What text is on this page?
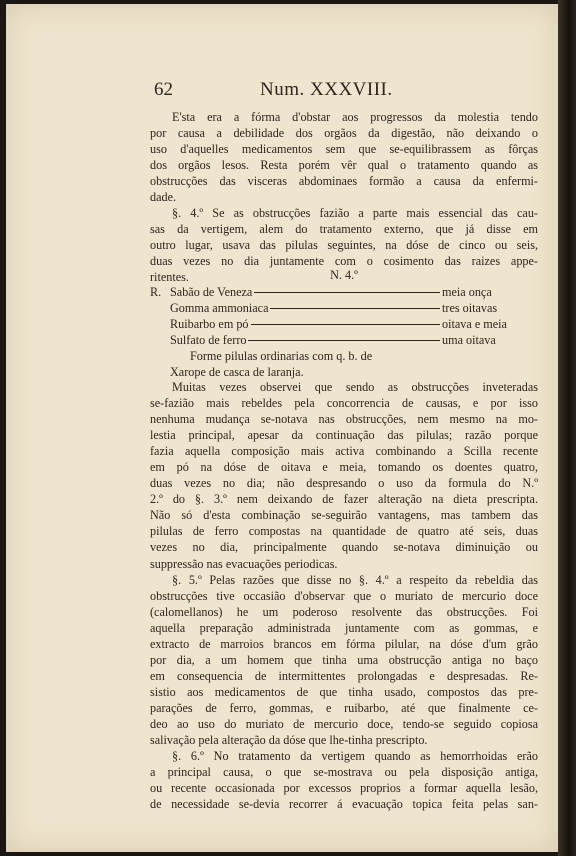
62	Num. XXXVIII.
E'sta era a fórma d'obstar aos progressos da molestia tendo
por causa a debilidade dos orgãos da digestão, não deixando o
uso d'aquelles medicamentos sem que se-equilibrassem as fôrças
dos orgãos lesos. Resta porém vêr qual o tratamento quando as
obstrucções das visceras abdominaes formão a causa da enfermi-
dade.
§. 4.º Se as obstrucções fazião a parte mais essencial das cau-
sas da vertigem, alem do tratamento externo, que já disse em
outro lugar, usava das pilulas seguintes, na dóse de cinco ou seis,
duas vezes no dia juntamente com o cosimento das raizes appe-
ritentes.	N. 4.º
R. Sabão de Veneza	meia onça
Gomma ammoniaca	tres oitavas
Ruibarbo em pó	oitava e meia
Sulfato de ferro	uma oitava
Forme pilulas ordinarias com q. b. de
Xarope de casca de laranja.
Muitas vezes observei que sendo as obstrucções inveteradas
se-fazião mais rebeldes pela concorrencia de causas, e por isso
nenhuma mudança se-notava nas obstrucções, nem mesmo na mo-
lestia principal, apesar da continuação das pilulas; razão porque
fazia aquella composição mais activa combinando a Scilla recente
em pó na dóse de oitava e meia, tomando os doentes quatro,
duas vezes no dia; não despresando o uso da formula do N.º
2.º do §. 3.º nem deixando de fazer alteração na dieta prescripta.
Não só d'esta combinação se-seguirão vantagens, mas tambem das
pilulas de ferro compostas na quantidade de quatro até seis, duas
vezes no dia, principalmente quando se-notava diminuição ou
suppressão nas evacuações periodicas.
§. 5.º Pelas razões que disse no §. 4.º a respeito da rebeldia das
obstrucções tive occasião d'observar que o muriato de mercurio doce
(calomellanos) he um poderoso resolvente das obstrucções. Foi
aquella preparação administrada juntamente com as gommas, e
extracto de marroios brancos em fórma pilular, na dóse d'um grão
por dia, a um homem que tinha uma obstrucção antiga no baço
em consequencia de intermittentes prolongadas e despresadas. Re-
sistio aos medicamentos de que tinha usado, compostos das pre-
parações de ferro, gommas, e ruibarbo, até que finalmente ce-
deo ao uso do muriato de mercurio doce, tendo-se seguido copiosa
salivação pela alteração da dóse que lhe-tinha prescripto.
§. 6.º No tratamento da vertigem quando as hemorrhoidas erão
a principal causa, o que se-mostrava ou pela disposição antiga,
ou recente occasionada por excessos proprios a formar aquella lesão,
de necessidade se-devia recorrer á evacuação topica feita pelas san-
